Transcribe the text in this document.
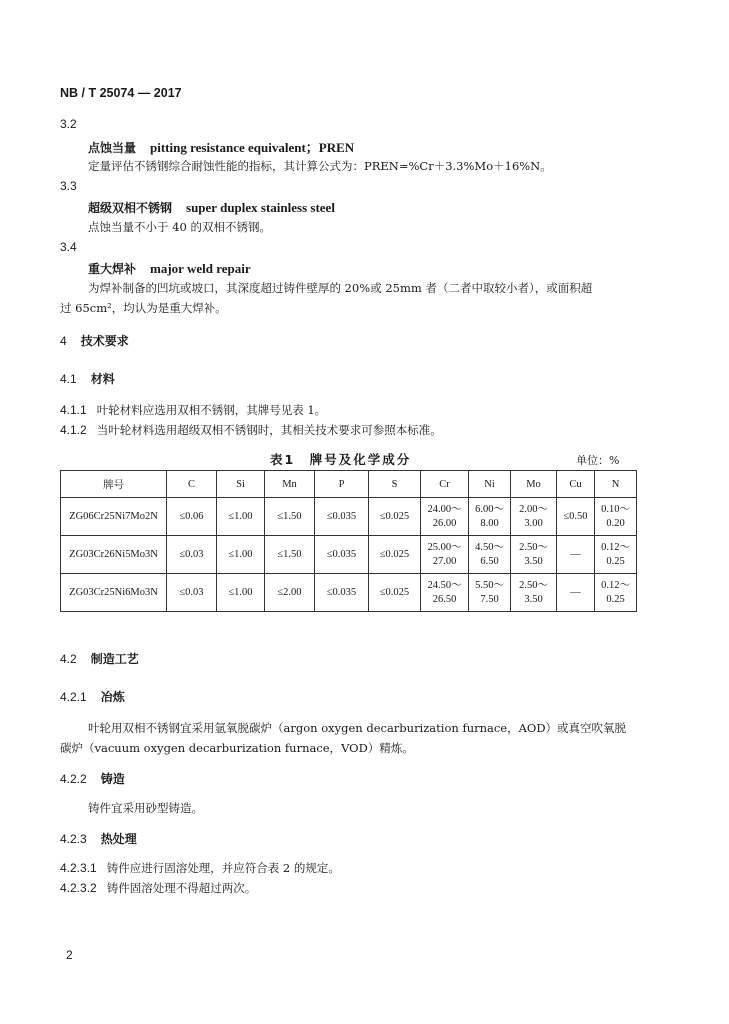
NB / T 25074 — 2017
3.2
点蚀当量 pitting resistance equivalent；PREN
定量评估不锈钢综合耐蚀性能的指标，其计算公式为：PREN=%Cr＋3.3%Mo＋16%N。
3.3
超级双相不锈钢 super duplex stainless steel
点蚀当量不小于 40 的双相不锈钢。
3.4
重大焊补 major weld repair
为焊补制备的凹坑或坡口，其深度超过铸件壁厚的 20%或 25mm 者（二者中取较小者），或面积超
过 65cm²，均认为是重大焊补。
4 技术要求
4.1 材料
4.1.1 叶轮材料应选用双相不锈钢，其牌号见表 1。
4.1.2 当叶轮材料选用超级双相不锈钢时，其相关技术要求可参照本标准。
表1　牌号及化学成分	单位：%
牌号	C	Si	Mn	P	S	Cr	Ni	Mo	Cu	N
ZG06Cr25Ni7Mo2N	≤0.06	≤1.00	≤1.50	≤0.035	≤0.025	24.00～
26.00	6.00～
8.00	2.00～
3.00	≤0.50	0.10～
0.20

ZG03Cr26Ni5Mo3N	≤0.03	≤1.00	≤1.50	≤0.035	≤0.025	25.00～
27.00	4.50～
6.50	2.50～
3.50	—	0.12～
0.25

ZG03Cr25Ni6Mo3N	≤0.03	≤1.00	≤2.00	≤0.035	≤0.025	24.50～
26.50	5.50～
7.50	2.50～
3.50	—	0.12～
0.25
4.2 制造工艺
4.2.1 冶炼
叶轮用双相不锈钢宜采用氩氧脱碳炉（argon oxygen decarburization furnace，AOD）或真空吹氧脱
碳炉（vacuum oxygen decarburization furnace，VOD）精炼。
4.2.2 铸造
铸件宜采用砂型铸造。
4.2.3 热处理
4.2.3.1 铸件应进行固溶处理，并应符合表 2 的规定。
4.2.3.2 铸件固溶处理不得超过两次。
2
